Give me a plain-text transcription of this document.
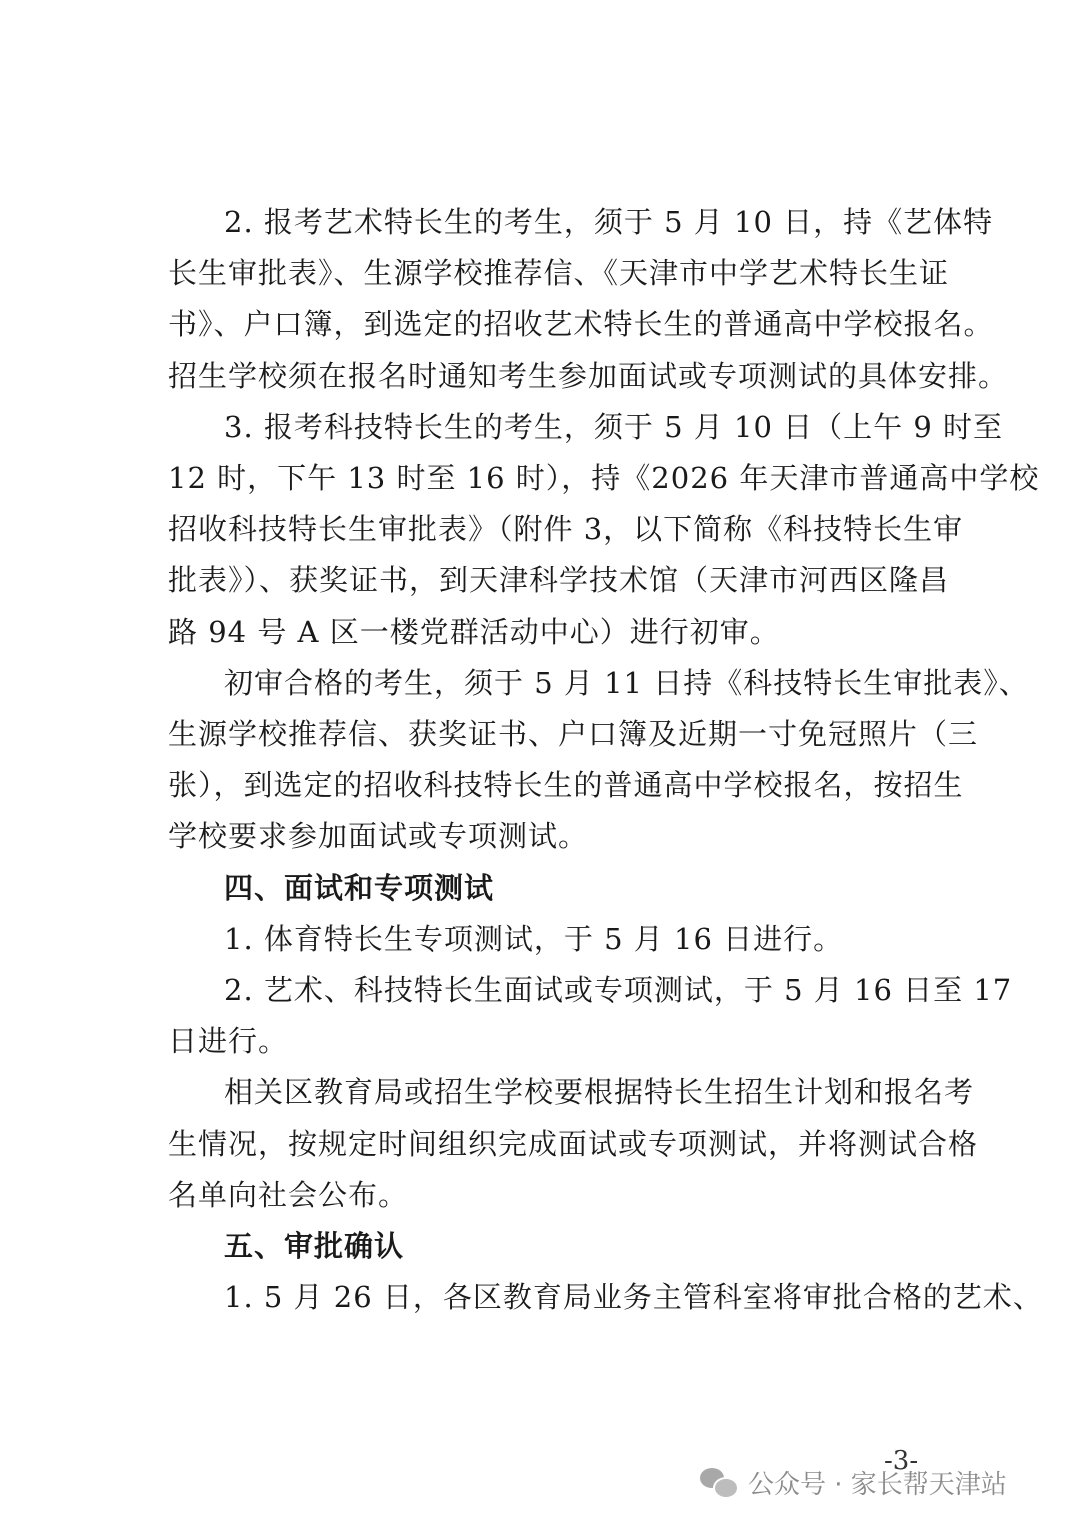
2. 报考艺术特长生的考生，须于 5 月 10 日，持《艺体特
长生审批表》、生源学校推荐信、《天津市中学艺术特长生证
书》、户口簿，到选定的招收艺术特长生的普通高中学校报名。
招生学校须在报名时通知考生参加面试或专项测试的具体安排。
3. 报考科技特长生的考生，须于 5 月 10 日（上午 9 时至
12 时，下午 13 时至 16 时），持《2026 年天津市普通高中学校
招收科技特长生审批表》（附件 3，以下简称《科技特长生审
批表》）、获奖证书，到天津科学技术馆（天津市河西区隆昌
路 94 号 A 区一楼党群活动中心）进行初审。
初审合格的考生，须于 5 月 11 日持《科技特长生审批表》、
生源学校推荐信、获奖证书、户口簿及近期一寸免冠照片（三
张），到选定的招收科技特长生的普通高中学校报名，按招生
学校要求参加面试或专项测试。
四、面试和专项测试
1. 体育特长生专项测试，于 5 月 16 日进行。
2. 艺术、科技特长生面试或专项测试，于 5 月 16 日至 17
日进行。
相关区教育局或招生学校要根据特长生招生计划和报名考
生情况，按规定时间组织完成面试或专项测试，并将测试合格
名单向社会公布。
五、审批确认
1. 5 月 26 日，各区教育局业务主管科室将审批合格的艺术、
-3-
公众号 · 家长帮天津站
